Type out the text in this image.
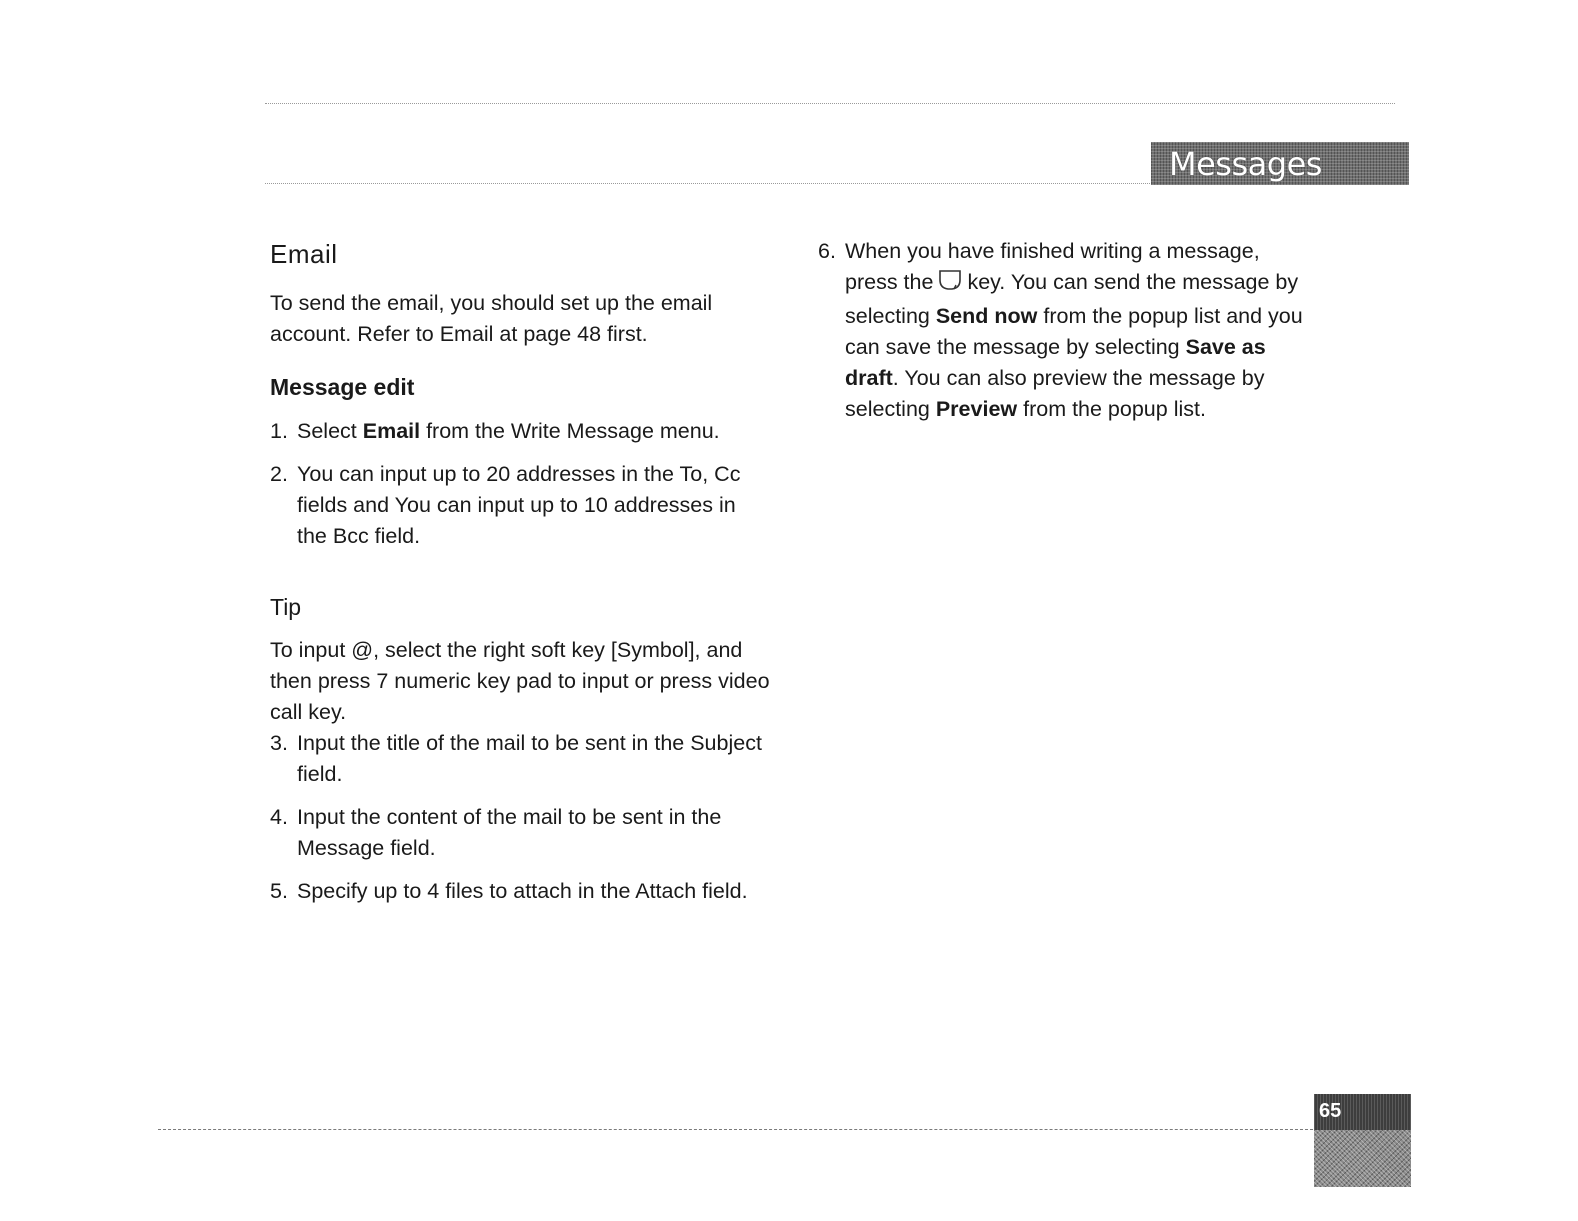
Messages
Email

To send the email, you should set up the email account. Refer to Email at page 48 first.

Message edit
1. Select Email from the Write Message menu.
2. You can input up to 20 addresses in the To, Cc fields and You can input up to 10 addresses in the Bcc field.
Tip

To input @, select the right soft key [Symbol], and then press 7 numeric key pad to input or press video call key.

3. Input the title of the mail to be sent in the Subject field.
4. Input the content of the mail to be sent in the Message field.
5. Specify up to 4 files to attach in the Attach field.
6. When you have finished writing a message, press the key. You can send the message by selecting Send now from the popup list and you can save the message by selecting Save as draft. You can also preview the message by selecting Preview from the popup list.
65
